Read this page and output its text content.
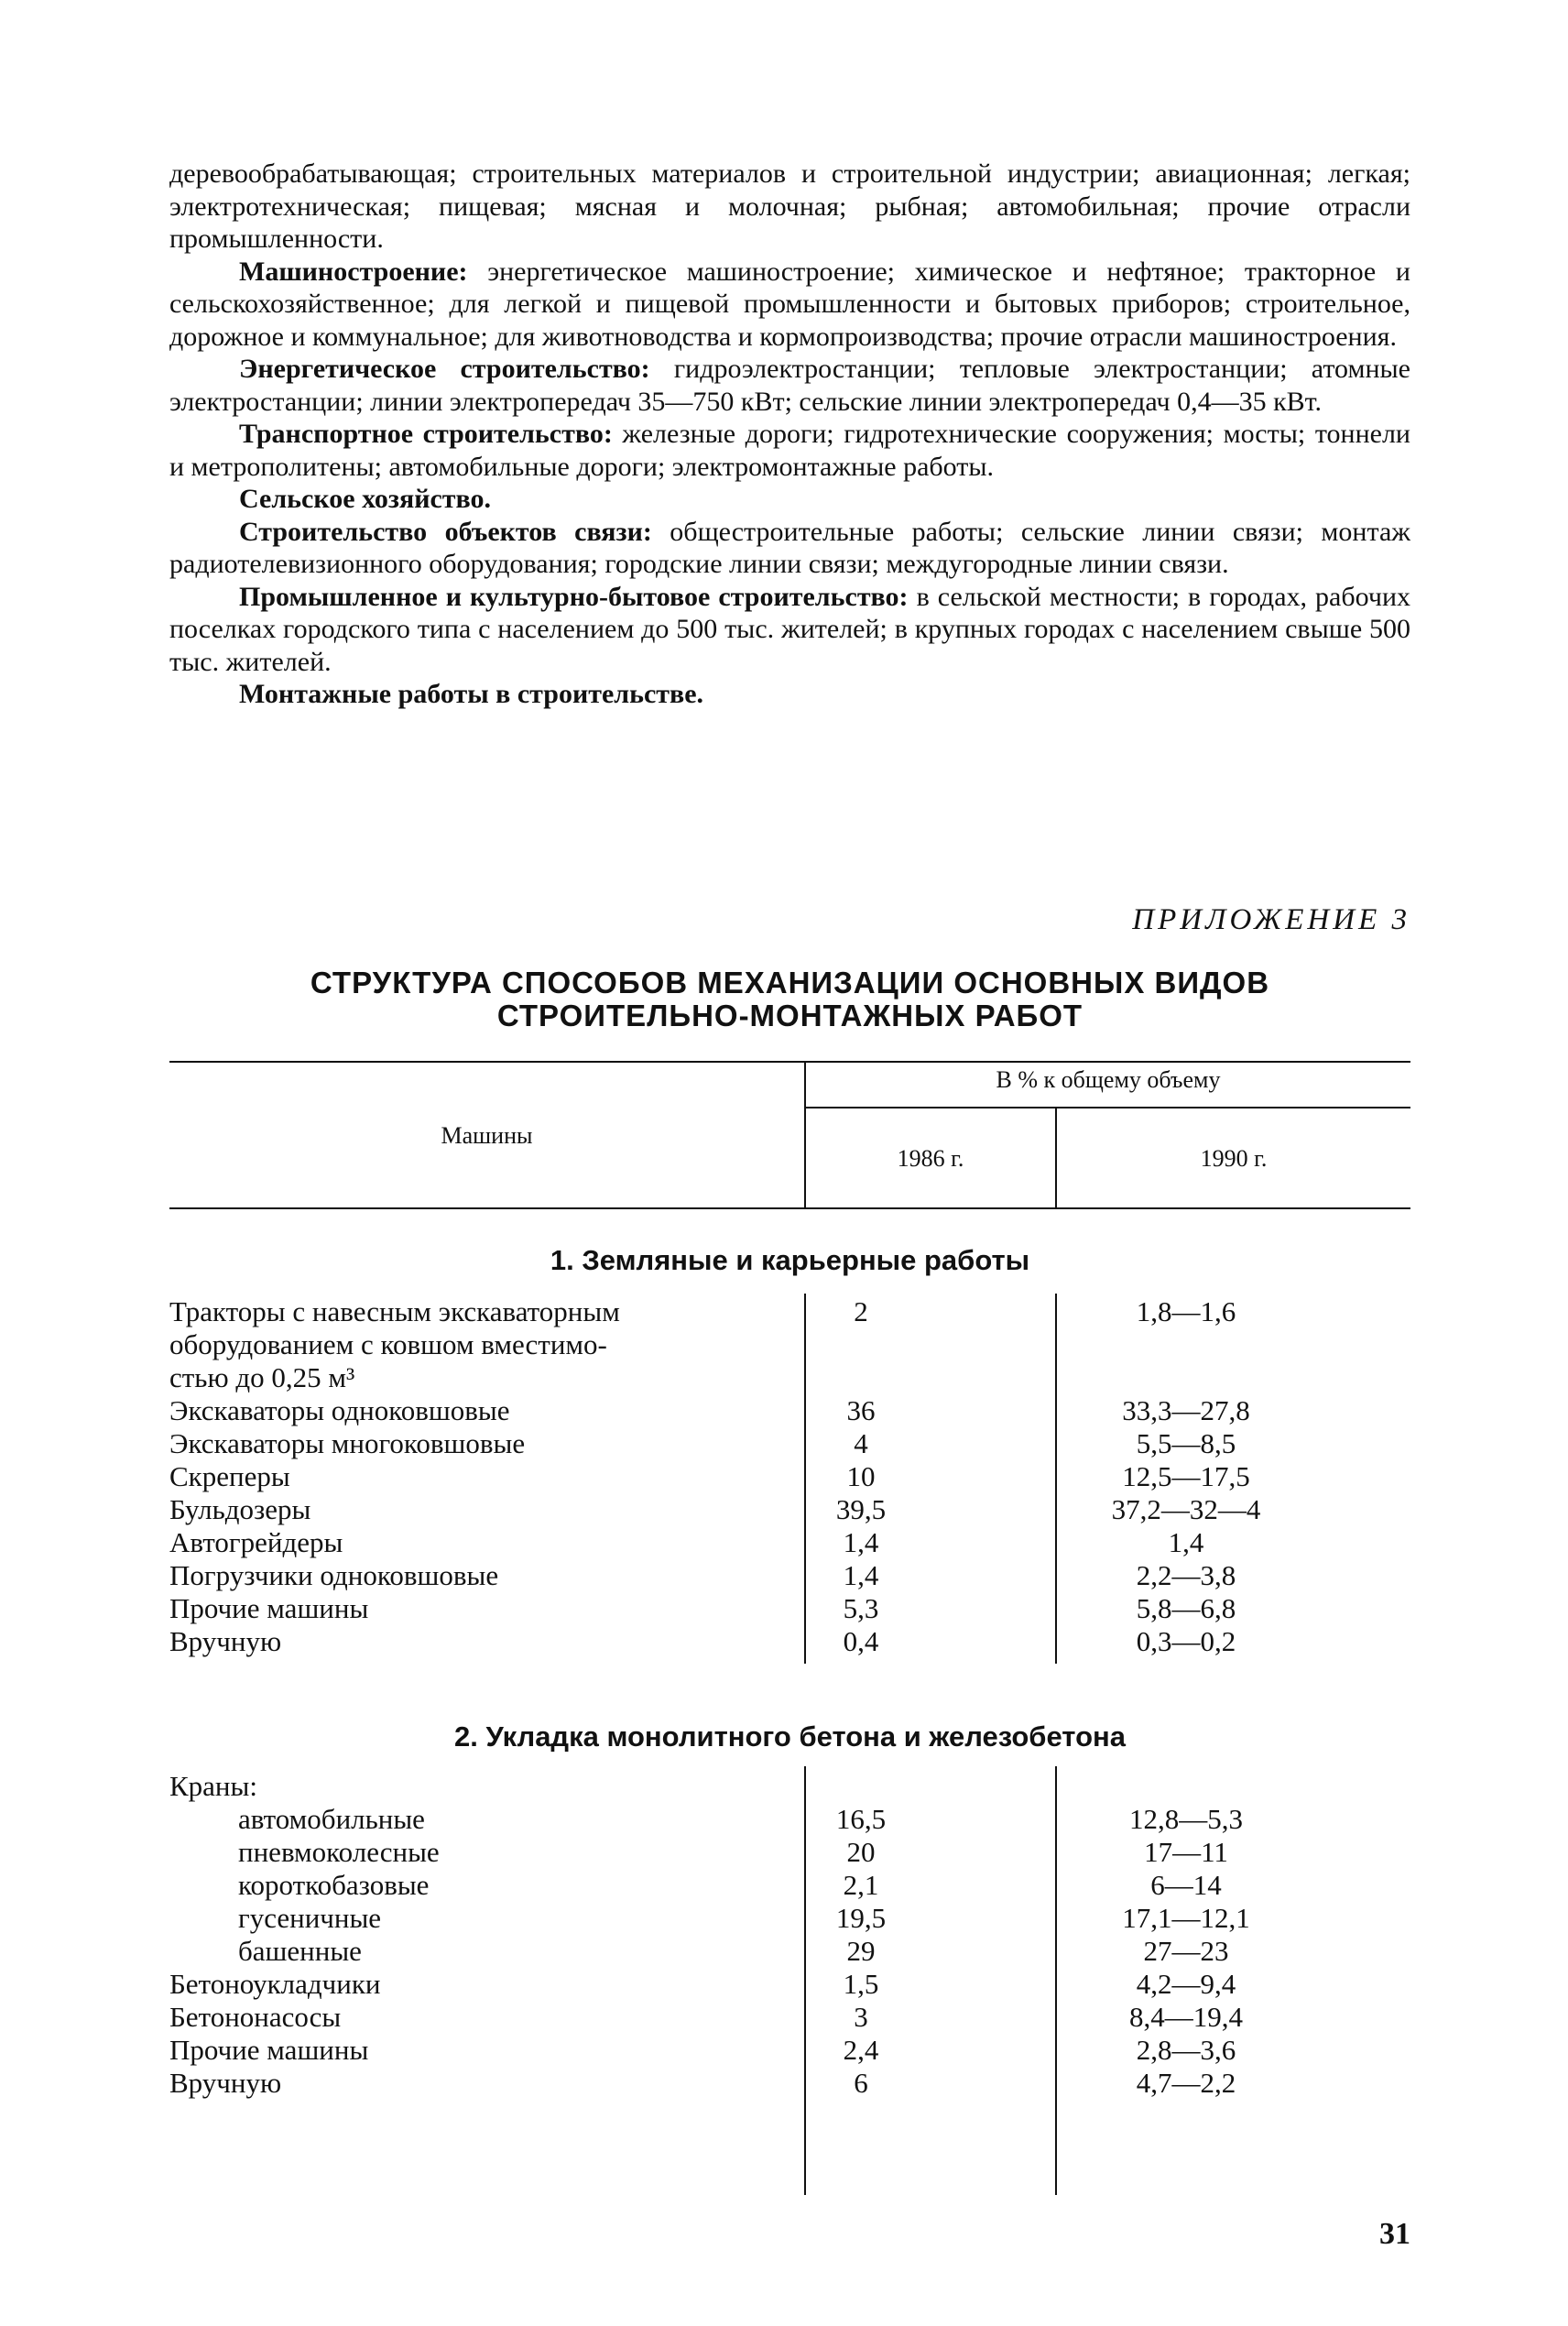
деревообрабатывающая; строительных материалов и строительной индустрии; авиационная; легкая; электротехническая; пищевая; мясная и молочная; рыбная; автомобильная; прочие отрасли промышленности.

Машиностроение: энергетическое машиностроение; химическое и нефтяное; тракторное и сельскохозяйственное; для легкой и пищевой промышленности и бытовых приборов; строительное, дорожное и коммунальное; для животноводства и кормопроизводства; прочие отрасли машиностроения.

Энергетическое строительство: гидроэлектростанции; тепловые электростанции; атомные электростанции; линии электропередач 35—750 кВт; сельские линии электропередач 0,4—35 кВт.

Транспортное строительство: железные дороги; гидротехнические сооружения; мосты; тоннели и метрополитены; автомобильные дороги; электромонтажные работы.

Сельское хозяйство.

Строительство объектов связи: общестроительные работы; сельские линии связи; монтаж радиотелевизионного оборудования; городские линии связи; междугородные линии связи.

Промышленное и культурно-бытовое строительство: в сельской местности; в городах, рабочих поселках городского типа с населением до 500 тыс. жителей; в крупных городах с населением свыше 500 тыс. жителей.

Монтажные работы в строительстве.

ПРИЛОЖЕНИЕ 3
СТРУКТУРА СПОСОБОВ МЕХАНИЗАЦИИ ОСНОВНЫХ ВИДОВ
СТРОИТЕЛЬНО-МОНТАЖНЫХ РАБОТ
Машины
В % к общему объему
1986 г.	1990 г.
1. Земляные и карьерные работы
Тракторы с навесным экскаваторным	2	1,8—1,6
оборудованием с ковшом вместимо-
стью до 0,25 м³
Экскаваторы одноковшовые	36	33,3—27,8
Экскаваторы многоковшовые	4	5,5—8,5
Скреперы	10	12,5—17,5
Бульдозеры	39,5	37,2—32—4
Автогрейдеры	1,4	1,4
Погрузчики одноковшовые	1,4	2,2—3,8
Прочие машины	5,3	5,8—6,8
Вручную	0,4	0,3—0,2
2. Укладка монолитного бетона и железобетона
Краны:
автомобильные	16,5	12,8—5,3
пневмоколесные	20	17—11
короткобазовые	2,1	6—14
гусеничные	19,5	17,1—12,1
башенные	29	27—23
Бетоноукладчики	1,5	4,2—9,4
Бетононасосы	3	8,4—19,4
Прочие машины	2,4	2,8—3,6
Вручную	6	4,7—2,2
31
